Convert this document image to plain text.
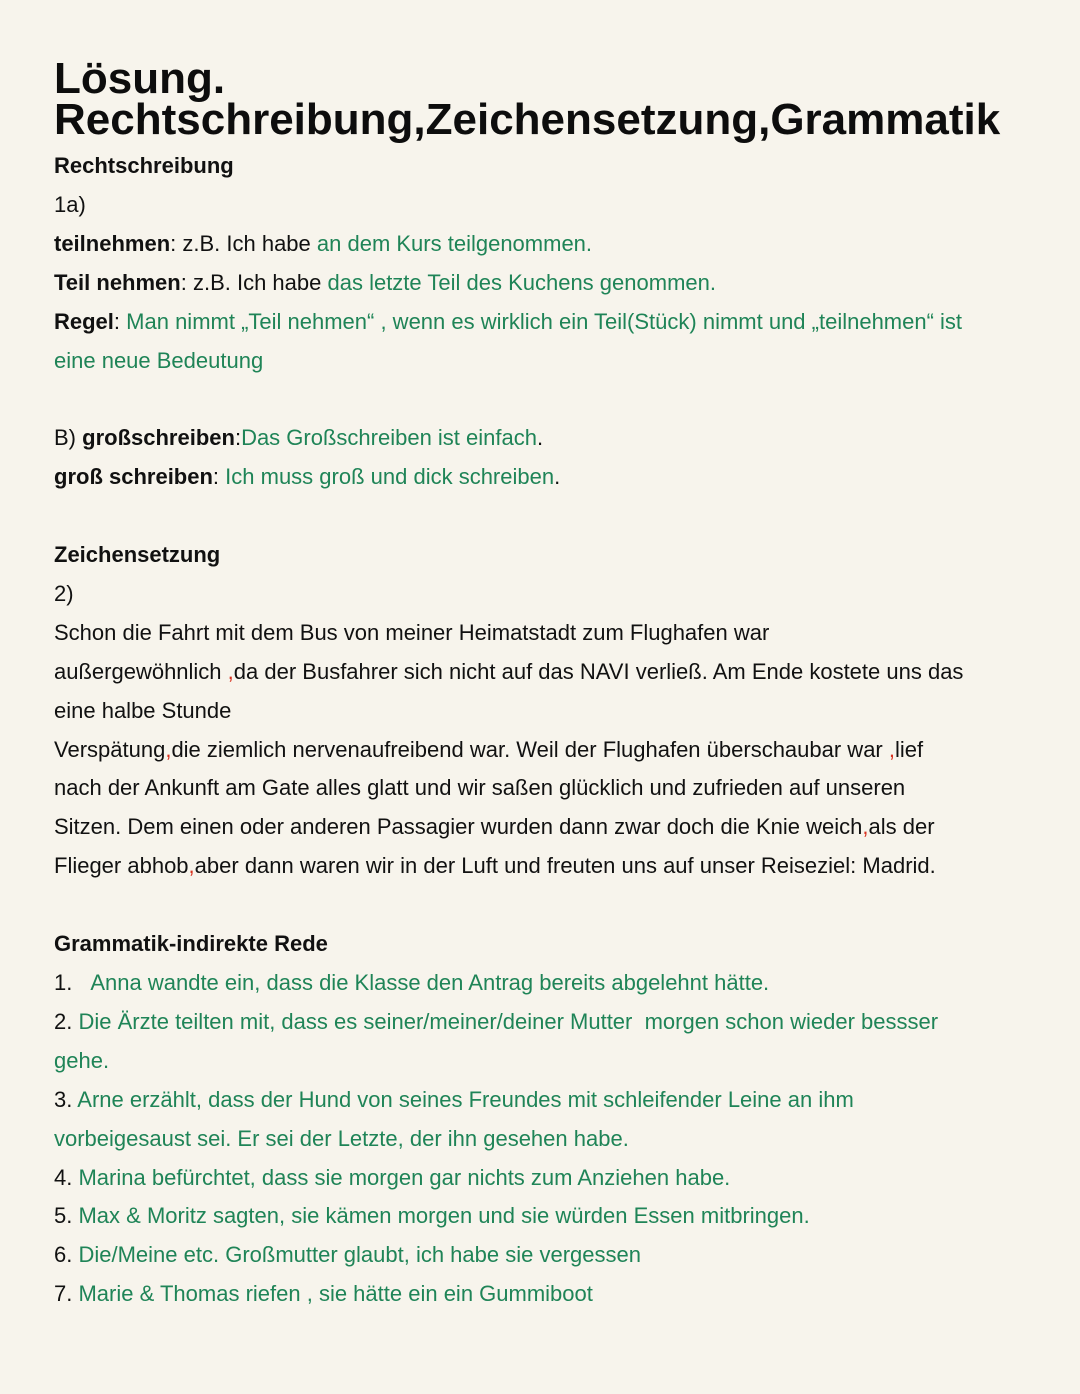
Lösung.
Rechtschreibung,Zeichensetzung,Grammatik
Rechtschreibung
1a)
teilnehmen: z.B. Ich habe an dem Kurs teilgenommen.
Teil nehmen: z.B. Ich habe das letzte Teil des Kuchens genommen.
Regel: Man nimmt „Teil nehmen“ , wenn es wirklich ein Teil(Stück) nimmt und „teilnehmen“ ist
eine neue Bedeutung
B) großschreiben:Das Großschreiben ist einfach.
groß schreiben: Ich muss groß und dick schreiben.
Zeichensetzung
2)
Schon die Fahrt mit dem Bus von meiner Heimatstadt zum Flughafen war
außergewöhnlich ,da der Busfahrer sich nicht auf das NAVI verließ. Am Ende kostete uns das
eine halbe Stunde
Verspätung,die ziemlich nervenaufreibend war. Weil der Flughafen überschaubar war ,lief
nach der Ankunft am Gate alles glatt und wir saßen glücklich und zufrieden auf unseren
Sitzen. Dem einen oder anderen Passagier wurden dann zwar doch die Knie weich,als der
Flieger abhob,aber dann waren wir in der Luft und freuten uns auf unser Reiseziel: Madrid.
Grammatik-indirekte Rede
1. Anna wandte ein, dass die Klasse den Antrag bereits abgelehnt hätte.
2. Die Ärzte teilten mit, dass es seiner/meiner/deiner Mutter  morgen schon wieder bessser
gehe.
3. Arne erzählt, dass der Hund von seines Freundes mit schleifender Leine an ihm
vorbeigesaust sei. Er sei der Letzte, der ihn gesehen habe.
4. Marina befürchtet, dass sie morgen gar nichts zum Anziehen habe.
5. Max & Moritz sagten, sie kämen morgen und sie würden Essen mitbringen.
6. Die/Meine etc. Großmutter glaubt, ich habe sie vergessen
7. Marie & Thomas riefen , sie hätte ein ein Gummiboot
